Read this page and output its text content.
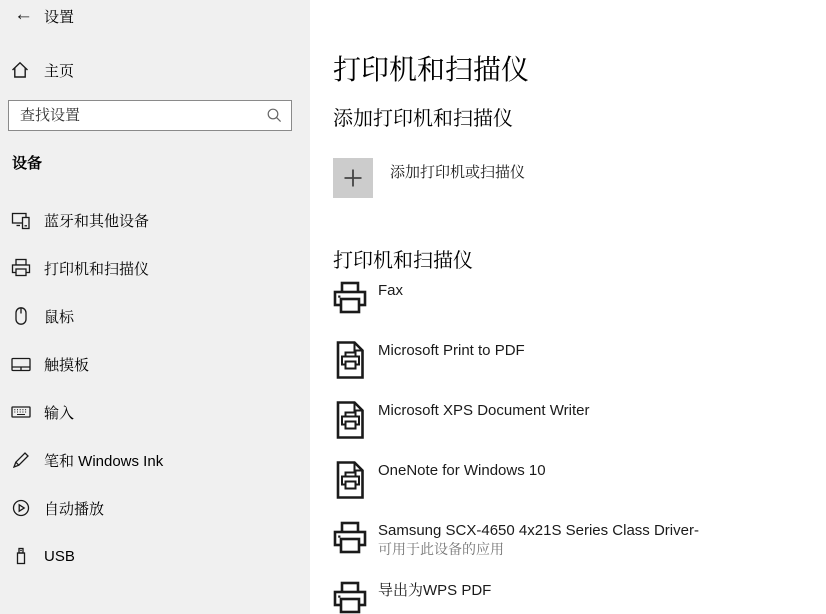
← 设置
主页
查找设置
设备
蓝牙和其他设备
打印机和扫描仪
鼠标
触摸板
输入
笔和 Windows Ink
自动播放
USB
打印机和扫描仪
添加打印机和扫描仪
添加打印机或扫描仪
打印机和扫描仪
Fax
Microsoft Print to PDF
Microsoft XPS Document Writer
OneNote for Windows 10
Samsung SCX-4650 4x21S Series Class Driver-
可用于此设备的应用
导出为WPS PDF
